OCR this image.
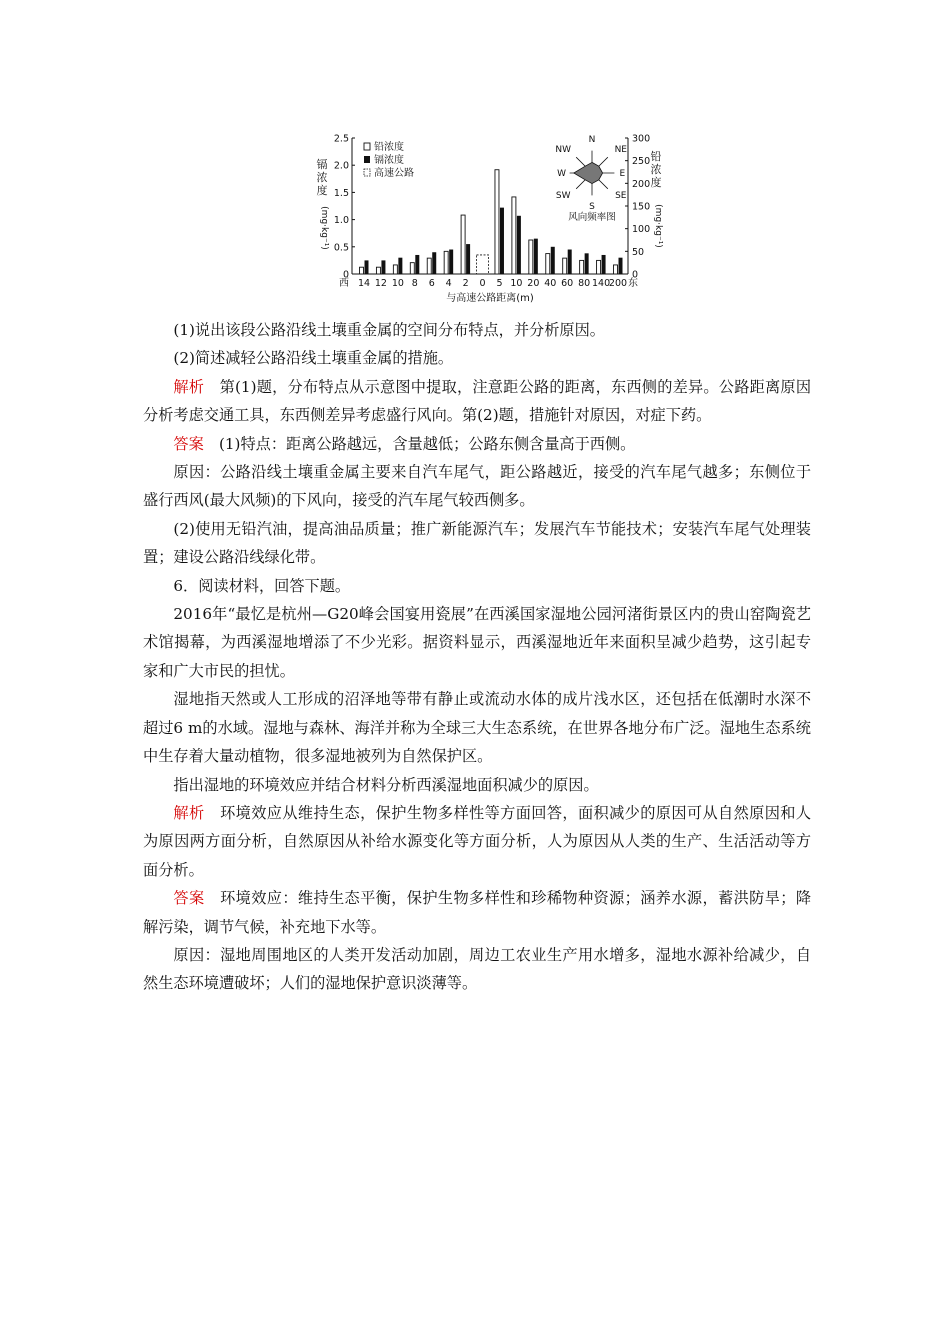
0
0.5
1.0
1.5
2.0
2.5
0
50
100
150
200
250
300
镉
浓
度
(mg·kg⁻¹)
铅
浓
度
(mg·kg⁻¹)
14 12 10 8 6 4 2 0 5 10 20 40 60 80 140
200
西	东
与高速公路距离(m)
铅浓度
镉浓度
高速公路
N
NE
E
SE
S
SW
W
NW
风向频率图

(1)说出该段公路沿线土壤重金属的空间分布特点，并分析原因。

(2)简述减轻公路沿线土壤重金属的措施。

解析 第(1)题，分布特点从示意图中提取，注意距公路的距离，东西侧的差异。公路距离原因分析考虑交通工具，东西侧差异考虑盛行风向。第(2)题，措施针对原因，对症下药。

答案 (1)特点：距离公路越远，含量越低；公路东侧含量高于西侧。

原因：公路沿线土壤重金属主要来自汽车尾气，距公路越近，接受的汽车尾气越多；东侧位于盛行西风(最大风频)的下风向，接受的汽车尾气较西侧多。

(2)使用无铅汽油，提高油品质量；推广新能源汽车；发展汽车节能技术；安装汽车尾气处理装置；建设公路沿线绿化带。

6．阅读材料，回答下题。

2016年“最忆是杭州—G20峰会国宴用瓷展”在西溪国家湿地公园河渚街景区内的贵山窑陶瓷艺术馆揭幕，为西溪湿地增添了不少光彩。据资料显示，西溪湿地近年来面积呈减少趋势，这引起专家和广大市民的担忧。

湿地指天然或人工形成的沼泽地等带有静止或流动水体的成片浅水区，还包括在低潮时水深不超过6 m的水域。湿地与森林、海洋并称为全球三大生态系统，在世界各地分布广泛。湿地生态系统中生存着大量动植物，很多湿地被列为自然保护区。

指出湿地的环境效应并结合材料分析西溪湿地面积减少的原因。

解析 环境效应从维持生态，保护生物多样性等方面回答，面积减少的原因可从自然原因和人为原因两方面分析，自然原因从补给水源变化等方面分析，人为原因从人类的生产、生活活动等方面分析。

答案 环境效应：维持生态平衡，保护生物多样性和珍稀物种资源；涵养水源，蓄洪防旱；降解污染，调节气候，补充地下水等。

原因：湿地周围地区的人类开发活动加剧，周边工农业生产用水增多，湿地水源补给减少，自然生态环境遭破坏；人们的湿地保护意识淡薄等。
